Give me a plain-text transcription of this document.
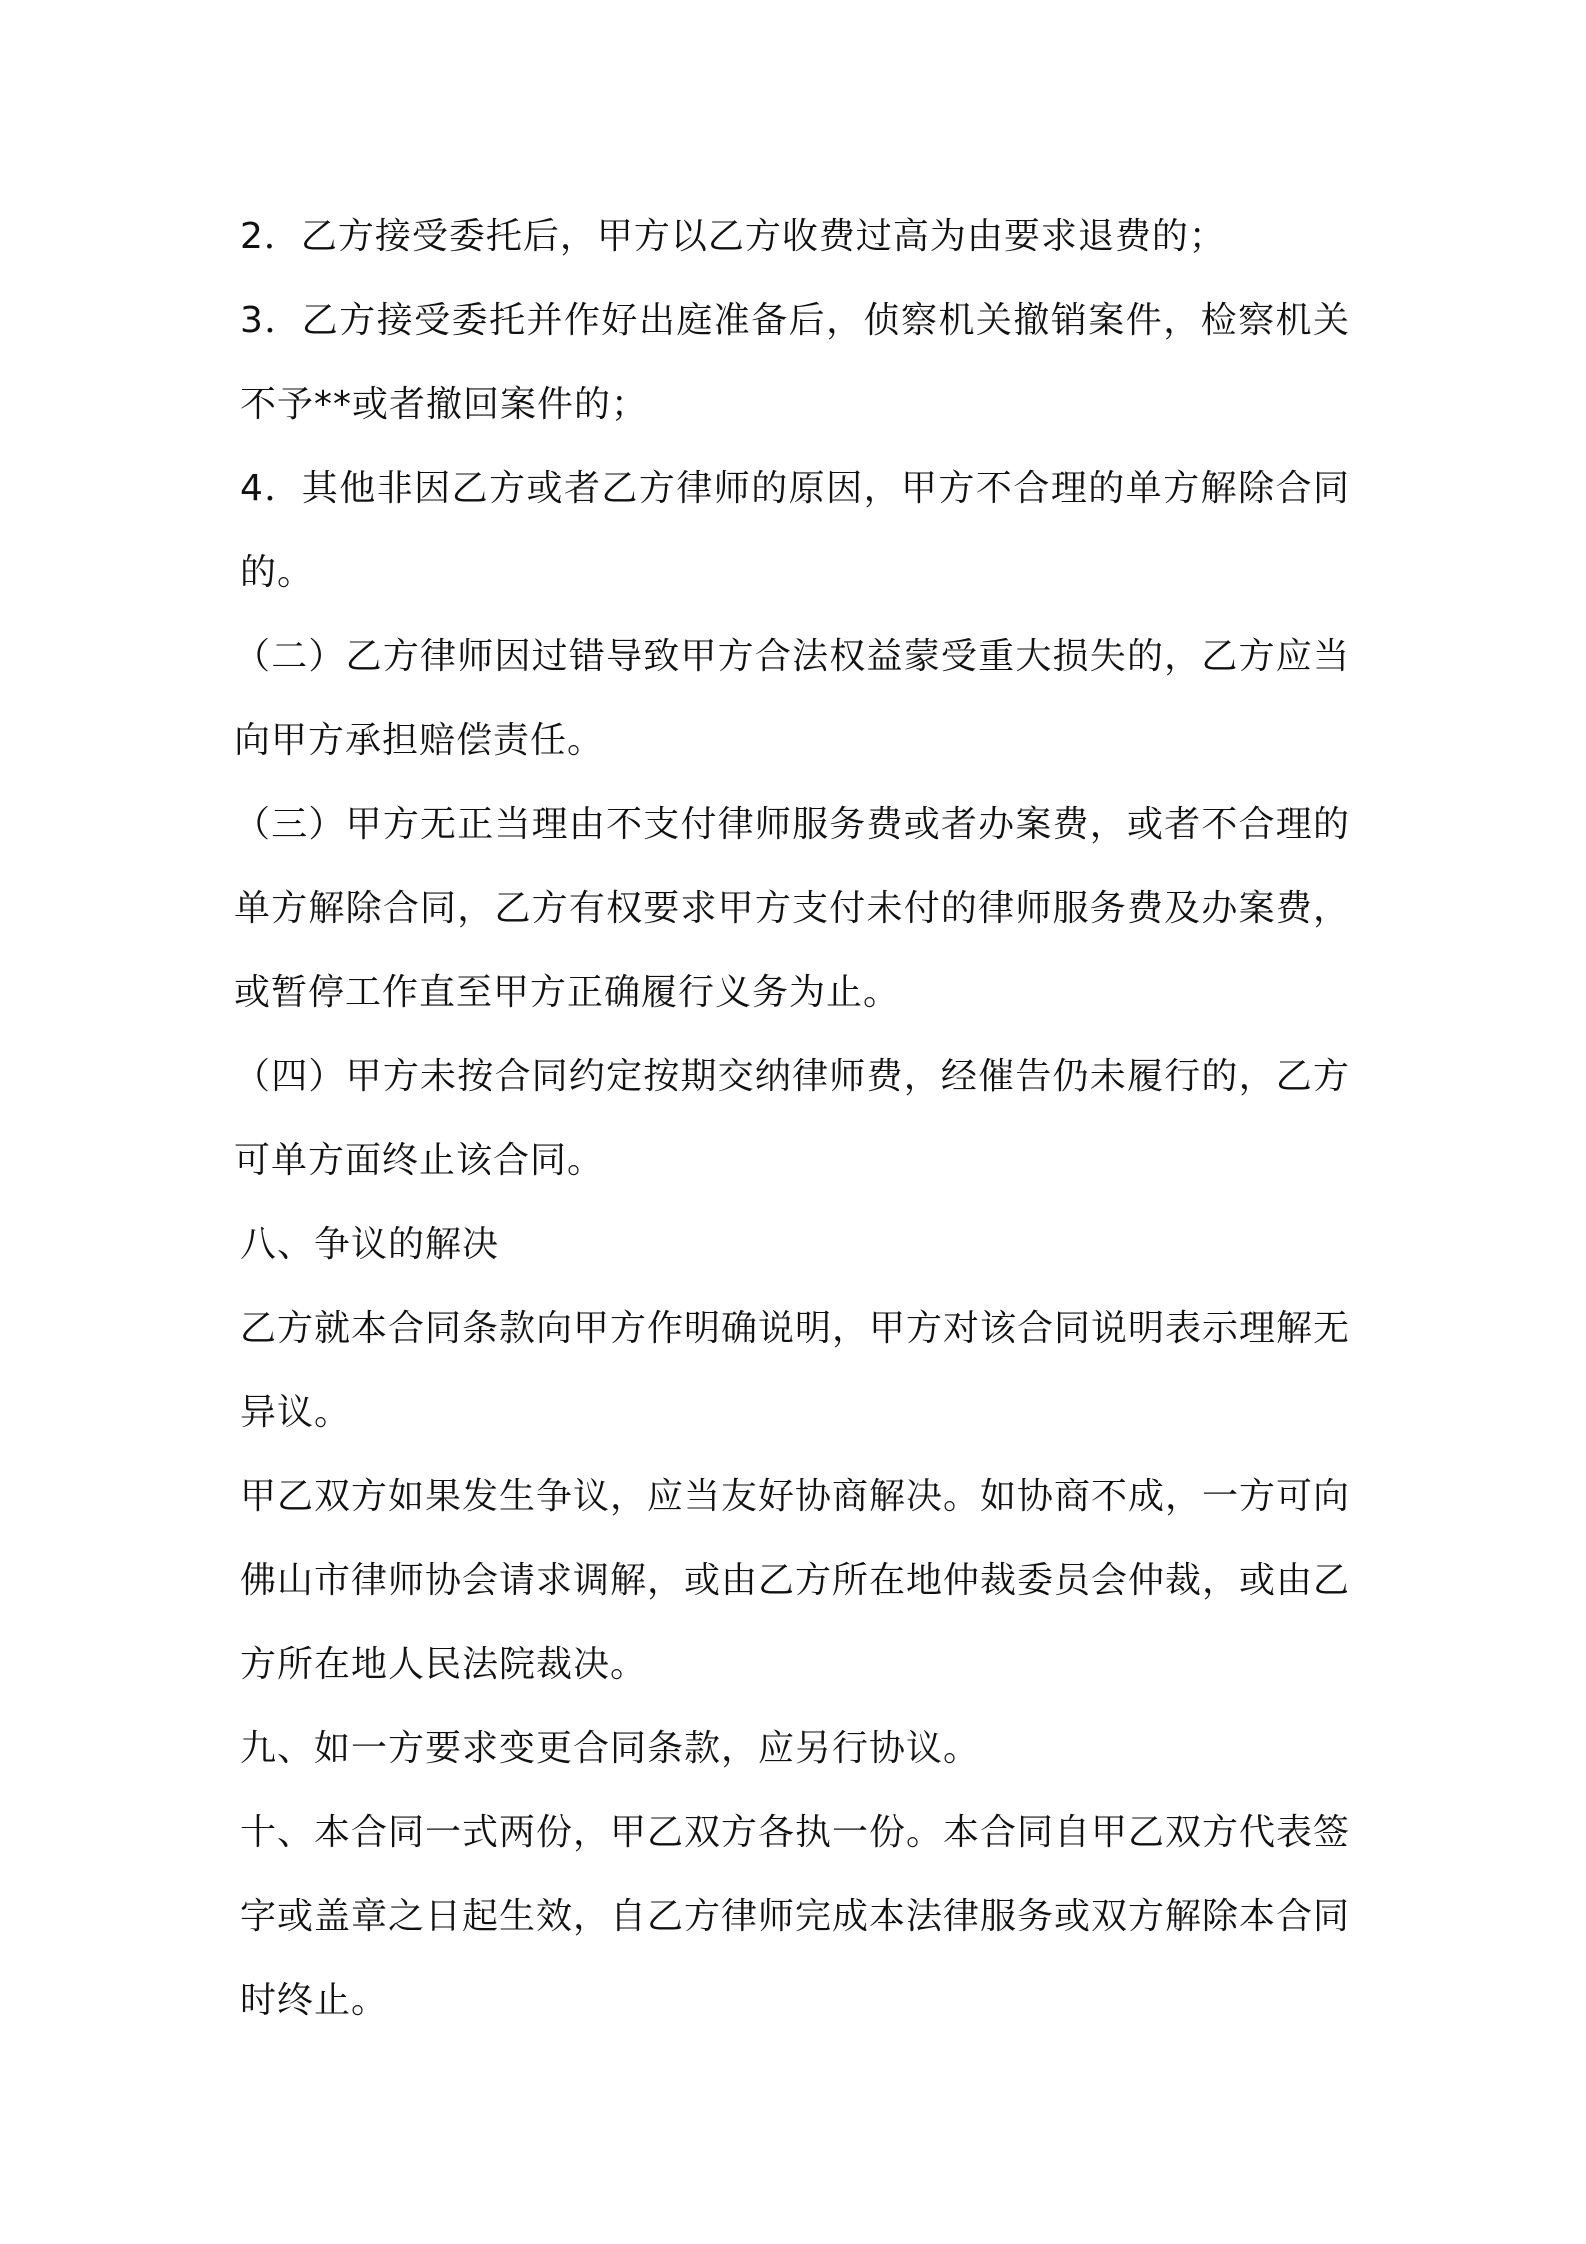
2．乙方接受委托后，甲方以乙方收费过高为由要求退费的；

3．乙方接受委托并作好出庭准备后，侦察机关撤销案件，检察机关不予**或者撤回案件的；

4．其他非因乙方或者乙方律师的原因，甲方不合理的单方解除合同的。

（二）乙方律师因过错导致甲方合法权益蒙受重大损失的，乙方应当向甲方承担赔偿责任。

（三）甲方无正当理由不支付律师服务费或者办案费，或者不合理的单方解除合同，乙方有权要求甲方支付未付的律师服务费及办案费，或暂停工作直至甲方正确履行义务为止。

（四）甲方未按合同约定按期交纳律师费，经催告仍未履行的，乙方可单方面终止该合同。

八、争议的解决

乙方就本合同条款向甲方作明确说明，甲方对该合同说明表示理解无异议。

甲乙双方如果发生争议，应当友好协商解决。如协商不成，一方可向佛山市律师协会请求调解，或由乙方所在地仲裁委员会仲裁，或由乙方所在地人民法院裁决。

九、如一方要求变更合同条款，应另行协议。

十、本合同一式两份，甲乙双方各执一份。本合同自甲乙双方代表签字或盖章之日起生效，自乙方律师完成本法律服务或双方解除本合同时终止。
